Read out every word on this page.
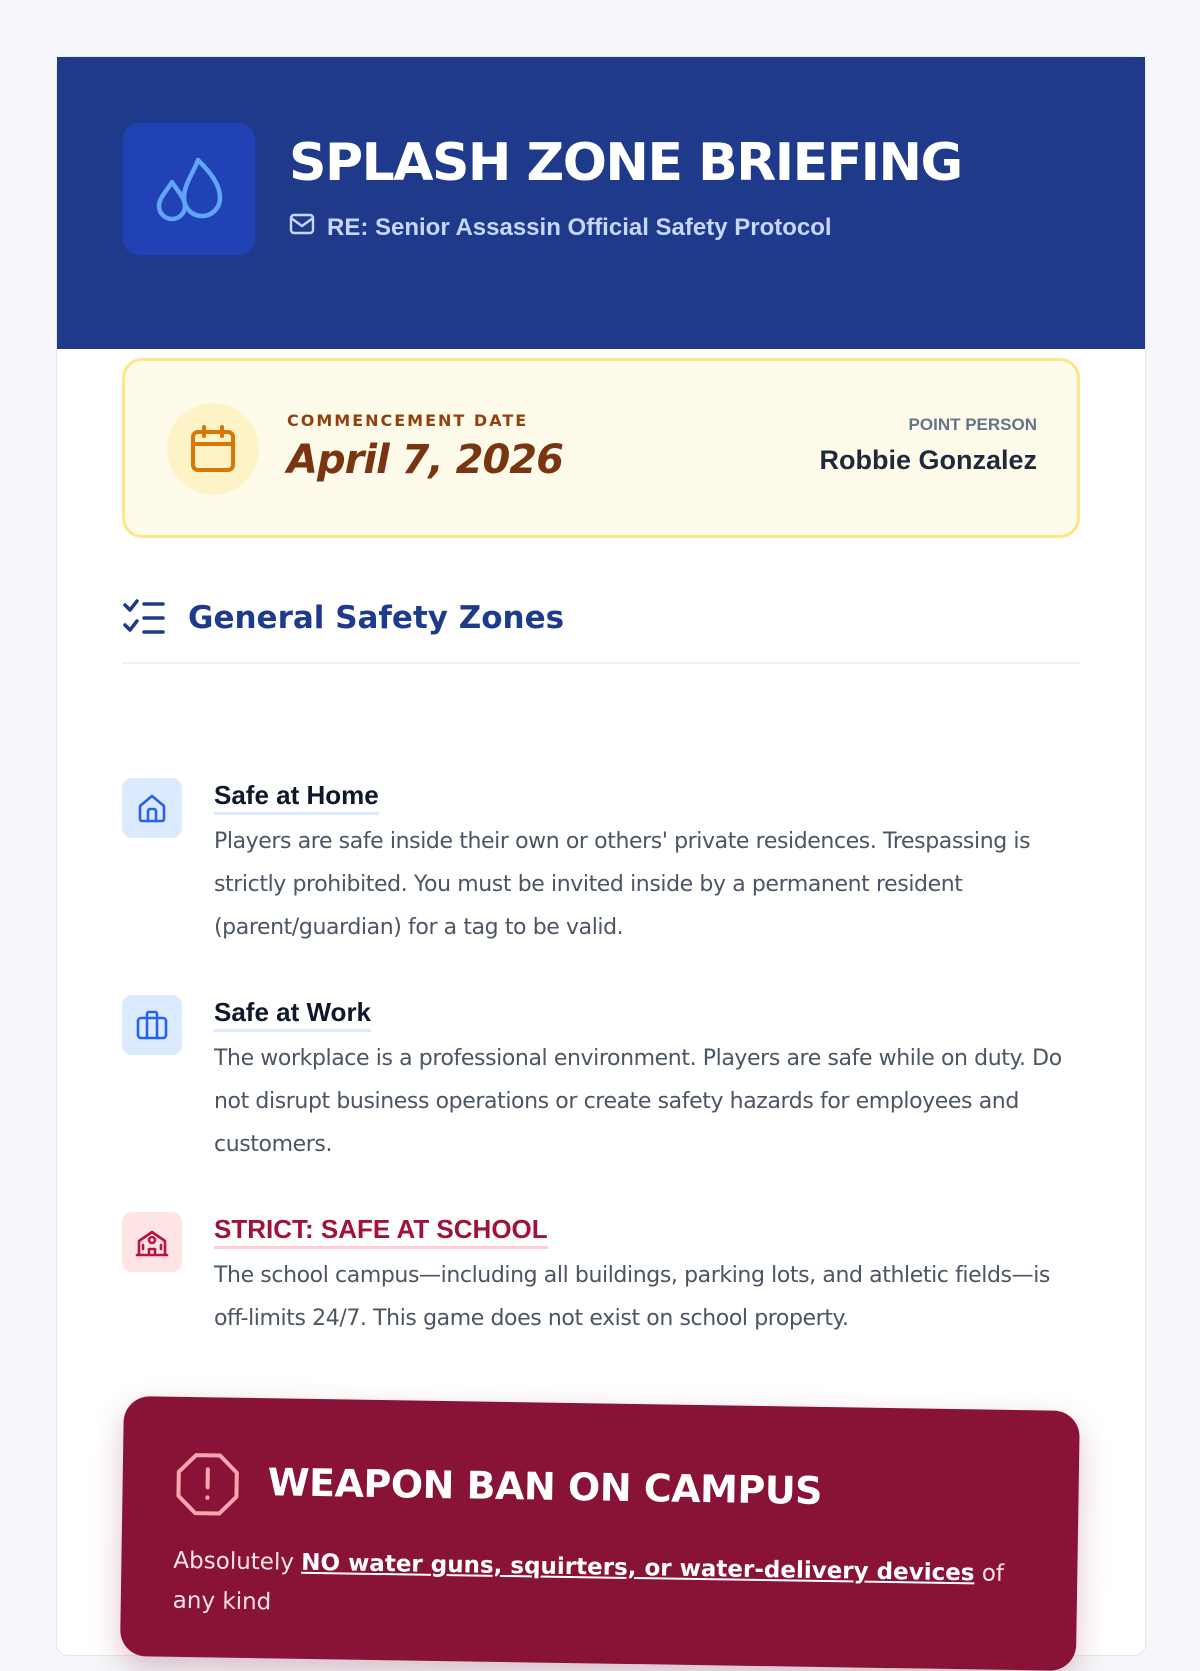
SPLASH ZONE BRIEFING
RE: Senior Assassin Official Safety Protocol
COMMENCEMENT DATE
April 7, 2026
POINT PERSON
Robbie Gonzalez
General Safety Zones
Safe at Home
Players are safe inside their own or others' private residences. Trespassing is strictly prohibited. You must be invited inside by a permanent resident (parent/guardian) for a tag to be valid.
Safe at Work
The workplace is a professional environment. Players are safe while on duty. Do not disrupt business operations or create safety hazards for employees and customers.
STRICT: SAFE AT SCHOOL
The school campus—including all buildings, parking lots, and athletic fields—is off-limits 24/7. This game does not exist on school property.
WEAPON BAN ON CAMPUS
Absolutely NO water guns, squirters, or water-delivery devices of any kind
